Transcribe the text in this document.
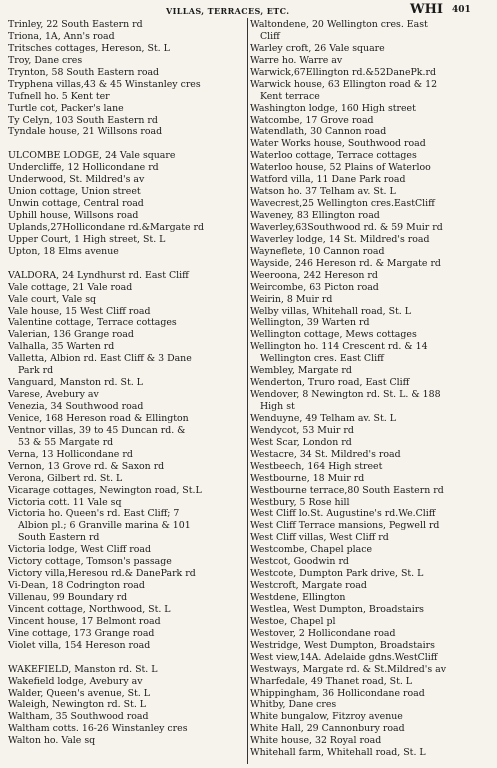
VILLAS, TERRACES, ETC.	WHI 401
Trinley, 22 South Eastern rd
Triona, 1A, Ann's road
Tritsches cottages, Hereson, St. L
Troy, Dane cres
Trynton, 58 South Eastern road
Tryphena villas,43 & 45 Winstanley cres
Tufnell ho. 5 Kent ter
Turtle cot, Packer's lane
Ty Celyn, 103 South Eastern rd
Tyndale house, 21 Willsons road
ULCOMBE LODGE, 24 Vale square
Undercliffe, 12 Hollicondane rd
Underwood, St. Mildred's av
Union cottage, Union street
Unwin cottage, Central road
Uphill house, Willsons road
Uplands,27Hollicondane rd.&Margate rd
Upper Court, 1 High street, St. L
Upton, 18 Elms avenue
VALDORA, 24 Lyndhurst rd. East Cliff
Vale cottage, 21 Vale road
Vale court, Vale sq
Vale house, 15 West Cliff road
Valentine cottage, Terrace cottages
Valerian, 136 Grange road
Valhalla, 35 Warten rd
Valletta, Albion rd. East Cliff & 3 Dane
Park rd
Vanguard, Manston rd. St. L
Varese, Avebury av
Venezia, 34 Southwood road
Venice, 168 Hereson road & Ellington
Ventnor villas, 39 to 45 Duncan rd. &
53 & 55 Margate rd
Verna, 13 Hollicondane rd
Vernon, 13 Grove rd. & Saxon rd
Verona, Gilbert rd. St. L
Vicarage cottages, Newington road, St.L
Victoria cott. 11 Vale sq
Victoria ho. Queen's rd. East Cliff; 7
Albion pl.; 6 Granville marina & 101
South Eastern rd
Victoria lodge, West Cliff road
Victory cottage, Tomson's passage
Victory villa,Heresou rd.& DanePark rd
Vi-Dean, 18 Codrington road
Villenau, 99 Boundary rd
Vincent cottage, Northwood, St. L
Vincent house, 17 Belmont road
Vine cottage, 173 Grange road
Violet villa, 154 Hereson road
WAKEFIELD, Manston rd. St. L
Wakefield lodge, Avebury av
Walder, Queen's avenue, St. L
Waleigh, Newington rd. St. L
Waltham, 35 Southwood road
Waltham cotts. 16-26 Winstanley cres
Walton ho. Vale sq
Waltondene, 20 Wellington cres. East
Cliff
Warley croft, 26 Vale square
Warre ho. Warre av
Warwick,67Ellington rd.&52DanePk.rd
Warwick house, 63 Ellington road & 12
Kent terrace
Washington lodge, 160 High street
Watcombe, 17 Grove road
Watendlath, 30 Cannon road
Water Works house, Southwood road
Waterloo cottage, Terrace cottages
Waterloo house, 52 Plains of Waterloo
Watford villa, 11 Dane Park road
Watson ho. 37 Telham av. St. L
Wavecrest,25 Wellington cres.EastCliff
Waveney, 83 Ellington road
Waverley,63Southwood rd. & 59 Muir rd
Waverley lodge, 14 St. Mildred's road
Wayneflete, 10 Cannon road
Wayside, 246 Hereson rd. & Margate rd
Weeroona, 242 Hereson rd
Weircombe, 63 Picton road
Weirin, 8 Muir rd
Welby villas, Whitehall road, St. L
Wellington, 39 Warten rd
Wellington cottage, Mews cottages
Wellington ho. 114 Crescent rd. & 14
Wellington cres. East Cliff
Wembley, Margate rd
Wenderton, Truro road, East Cliff
Wendover, 8 Newington rd. St. L. & 188
High st
Wenduyne, 49 Telham av. St. L
Wendycot, 53 Muir rd
West Scar, London rd
Westacre, 34 St. Mildred's road
Westbeech, 164 High street
Westbourne, 18 Muir rd
Westbourne terrace,80 South Eastern rd
Westbury, 5 Rose hill
West Cliff lo.St. Augustine's rd.We.Cliff
West Cliff Terrace mansions, Pegwell rd
West Cliff villas, West Cliff rd
Westcombe, Chapel place
Westcot, Goodwin rd
Westcote, Dumpton Park drive, St. L
Westcroft, Margate road
Westdene, Ellington
Westlea, West Dumpton, Broadstairs
Westoe, Chapel pl
Westover, 2 Hollicondane road
Westridge, West Dumpton, Broadstairs
West view,14A. Adelaide gdns.WestCliff
Westways, Margate rd. & St.Mildred's av
Wharfedale, 49 Thanet road, St. L
Whippingham, 36 Hollicondane road
Whitby, Dane cres
White bungalow, Fitzroy avenue
White Hall, 29 Cannonbury road
White house, 32 Royal road
Whitehall farm, Whitehall road, St. L
